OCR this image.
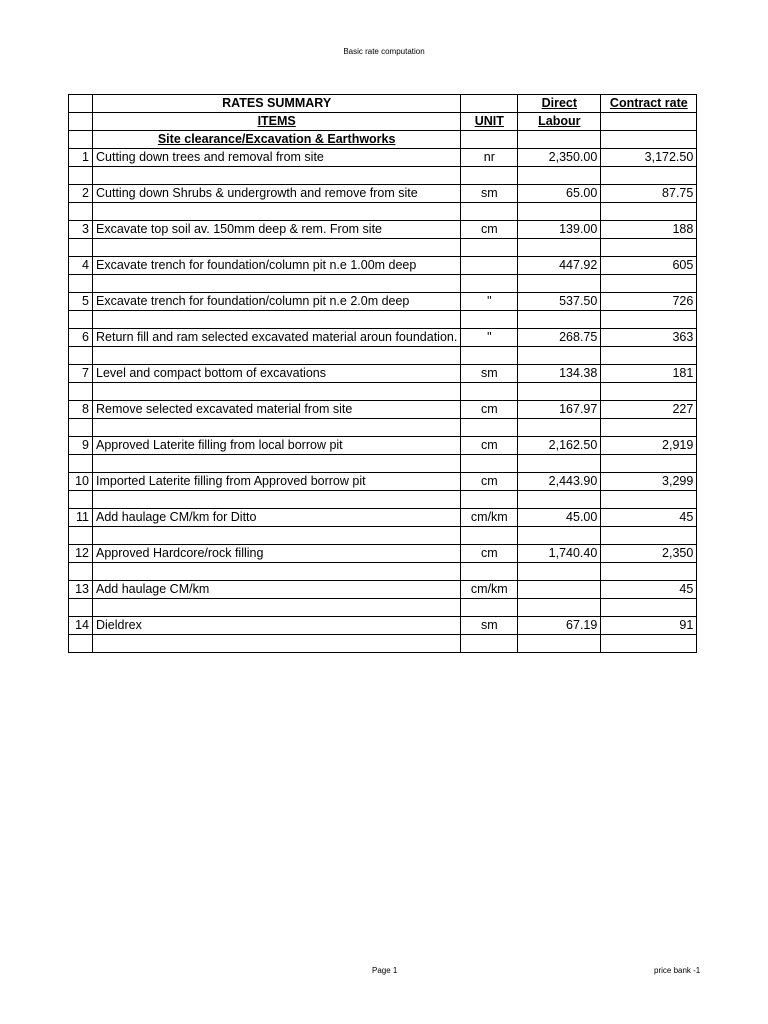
Basic rate computation
	RATES SUMMARY		Direct	Contract rate
	ITEMS	UNIT	Labour	
	Site clearance/Excavation & Earthworks			
1	Cutting down trees and removal from site	nr	2,350.00	3,172.50

2	Cutting down Shrubs & undergrowth and remove from site	sm	65.00	87.75

3	Excavate top soil av. 150mm deep & rem. From site	cm	139.00	188

4	Excavate trench for foundation/column pit n.e 1.00m deep		447.92	605

5	Excavate trench for foundation/column pit n.e 2.0m deep	"	537.50	726

6	Return fill and ram selected excavated material aroun foundation.	"	268.75	363

7	Level and compact bottom of excavations	sm	134.38	181

8	Remove selected excavated material from site	cm	167.97	227

9	Approved Laterite filling from local borrow pit	cm	2,162.50	2,919

10	Imported Laterite filling from Approved borrow pit	cm	2,443.90	3,299

11	Add haulage CM/km for Ditto	cm/km	45.00	45

12	Approved Hardcore/rock filling	cm	1,740.40	2,350

13	Add haulage CM/km	cm/km		45

14	Dieldrex	sm	67.19	91

Page 1	price bank -1
